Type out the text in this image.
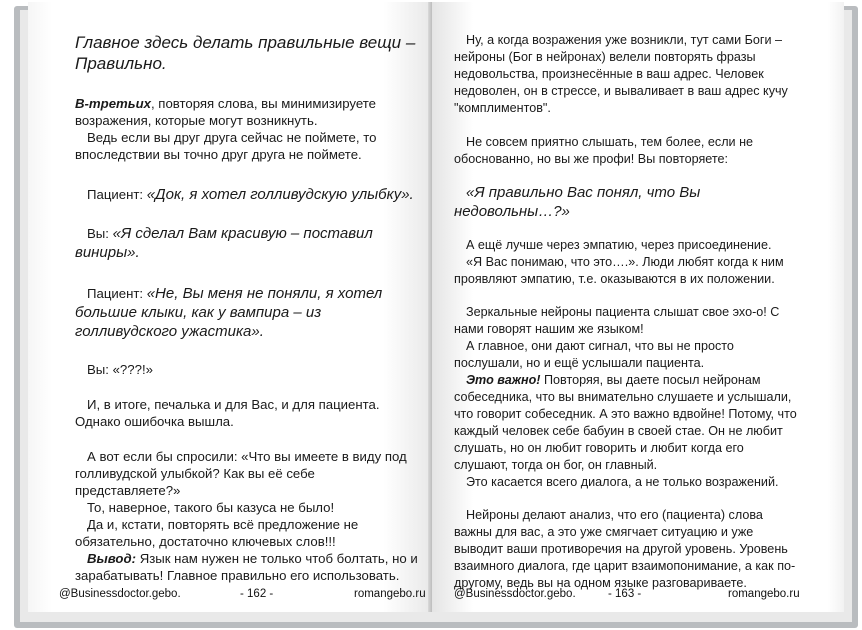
Главное здесь делать правильные вещи – Правильно.

В-третьих, повторяя слова, вы минимизируете возражения, которые могут возникнуть.

Ведь если вы друг друга сейчас не поймете, то впоследствии вы точно друг друга не поймете.

Пациент: «Док, я хотел голливудскую улыбку».

Вы: «Я сделал Вам красивую – поставил виниры».

Пациент: «Не, Вы меня не поняли, я хотел большие клыки, как у вампира – из голливудского ужастика».

Вы: «???!»

И, в итоге, печалька и для Вас, и для пациента. Однако ошибочка вышла.

А вот если бы спросили: «Что вы имеете в виду под голливудской улыбкой? Как вы её себе представляете?»

То, наверное, такого бы казуса не было!

Да и, кстати, повторять всё предложение не обязательно, достаточно ключевых слов!!!

Вывод: Язык нам нужен не только чтоб болтать, но и зарабатывать! Главное правильно его использовать.

@Businessdoctor.gebo.	- 162 -	romangebo.ru

Ну, а когда возражения уже возникли, тут сами Боги – нейроны (Бог в нейронах) велели повторять фразы недовольства, произнесённые в ваш адрес. Человек недоволен, он в стрессе, и вываливает в ваш адрес кучу "комплиментов".

Не совсем приятно слышать, тем более, если не обоснованно, но вы же профи! Вы повторяете:

«Я правильно Вас понял, что Вы недовольны…?»

А ещё лучше через эмпатию, через присоединение.

«Я Вас понимаю, что это….». Люди любят когда к ним проявляют эмпатию, т.е. оказываются в их положении.

Зеркальные нейроны пациента слышат свое эхо-о! С нами говорят нашим же языком!

А главное, они дают сигнал, что вы не просто послушали, но и ещё услышали пациента.

Это важно! Повторяя, вы даете посыл нейронам собеседника, что вы внимательно слушаете и услышали, что говорит собеседник. А это важно вдвойне! Потому, что каждый человек себе бабуин в своей стае. Он не любит слушать, но он любит говорить и любит когда его слушают, тогда он бог, он главный.

Это касается всего диалога, а не только возражений.

Нейроны делают анализ, что его (пациента) слова важны для вас, а это уже смягчает ситуацию и уже выводит ваши противоречия на другой уровень. Уровень взаимного диалога, где царит взаимопонимание, а как по-другому, ведь вы на одном языке разговариваете.

@Businessdoctor.gebo.	- 163 -	romangebo.ru
